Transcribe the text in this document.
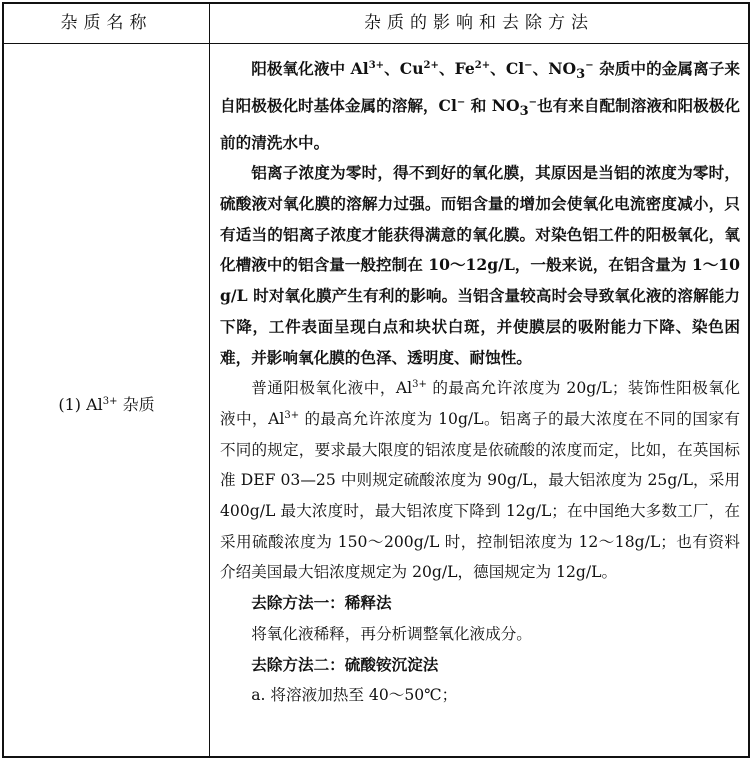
杂质名称	杂质的影响和去除方法
(1) $Al^{3+}$ 杂质

阳极氧化液中 $Al^{3+}$、$Cu^{2+}$、$Fe^{2+}$、Cl−、$NO_3^-$ 杂质中的金属离子来自阳极极化时基体金属的溶解，Cl− 和 $NO_3^-$也有来自配制溶液和阳极极化前的清洗水中。

铝离子浓度为零时，得不到好的氧化膜，其原因是当铝的浓度为零时，硫酸液对氧化膜的溶解力过强。而铝含量的增加会使氧化电流密度减小，只有适当的铝离子浓度才能获得满意的氧化膜。对染色铝工件的阳极氧化，氧化槽液中的铝含量一般控制在 10～12g/L，一般来说，在铝含量为 1～10g/L 时对氧化膜产生有利的影响。当铝含量较高时会导致氧化液的溶解能力下降，工件表面呈现白点和块状白斑，并使膜层的吸附能力下降、染色困难，并影响氧化膜的色泽、透明度、耐蚀性。

普通阳极氧化液中，$Al^{3+}$ 的最高允许浓度为 20g/L；装饰性阳极氧化液中，$Al^{3+}$ 的最高允许浓度为 10g/L。铝离子的最大浓度在不同的国家有不同的规定，要求最大限度的铝浓度是依硫酸的浓度而定，比如，在英国标准 DEF 03—25 中则规定硫酸浓度为 90g/L，最大铝浓度为 25g/L，采用 400g/L 最大浓度时，最大铝浓度下降到 12g/L；在中国绝大多数工厂，在采用硫酸浓度为 150～200g/L 时，控制铝浓度为 12～18g/L；也有资料介绍美国最大铝浓度规定为 20g/L，德国规定为 12g/L。

去除方法一：稀释法

将氧化液稀释，再分析调整氧化液成分。

去除方法二：硫酸铵沉淀法

a. 将溶液加热至 40～50℃；
